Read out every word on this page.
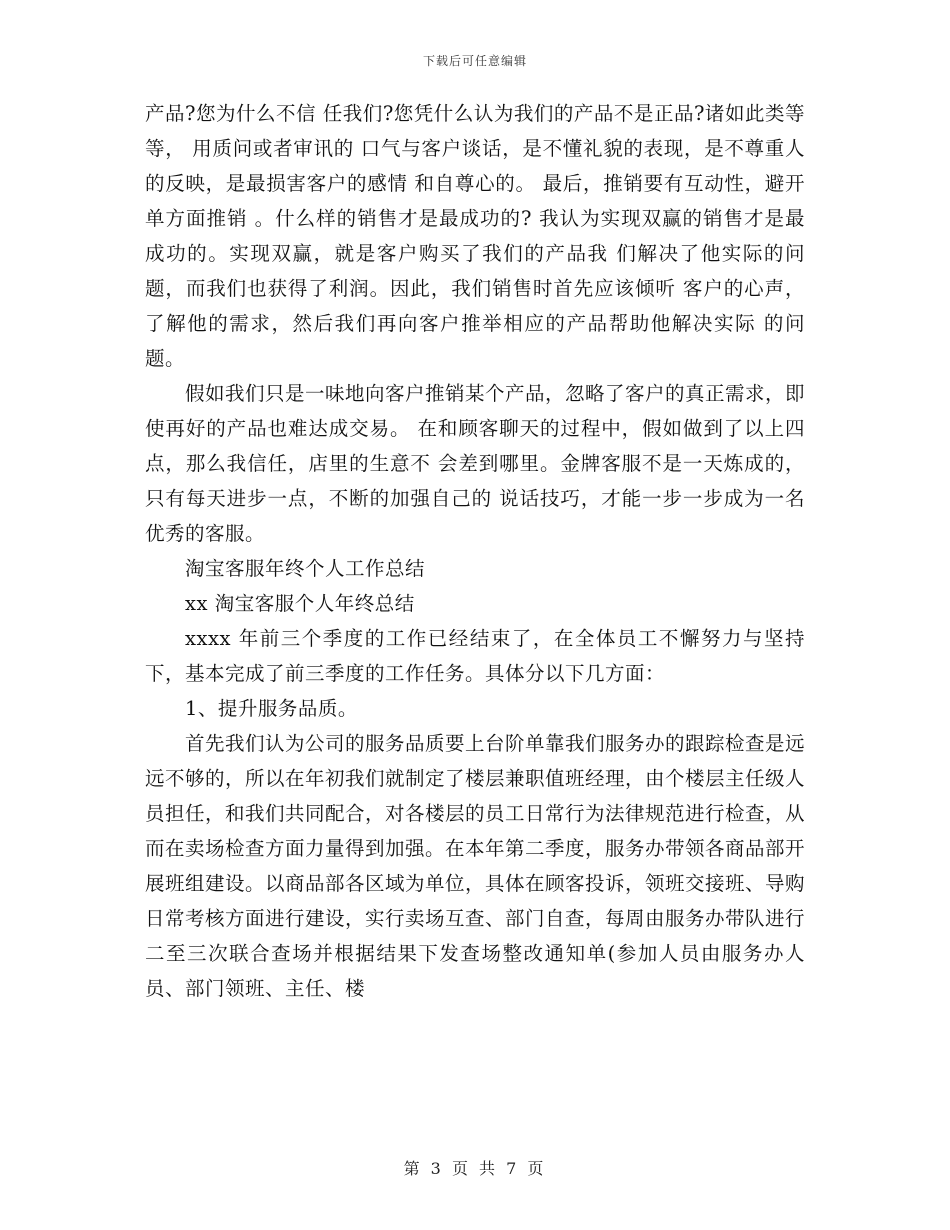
下载后可任意编辑

产品?您为什么不信 任我们?您凭什么认为我们的产品不是正品?诸如此类等等， 用质问或者审讯的 口气与客户谈话，是不懂礼貌的表现，是不尊重人的反映，是最损害客户的感情 和自尊心的。 最后，推销要有互动性，避开单方面推销 。什么样的销售才是最成功的? 我认为实现双赢的销售才是最成功的。实现双赢，就是客户购买了我们的产品我 们解决了他实际的问题，而我们也获得了利润。因此，我们销售时首先应该倾听 客户的心声，了解他的需求，然后我们再向客户推举相应的产品帮助他解决实际 的问题。

假如我们只是一味地向客户推销某个产品，忽略了客户的真正需求，即 使再好的产品也难达成交易。 在和顾客聊天的过程中，假如做到了以上四点，那么我信任，店里的生意不 会差到哪里。金牌客服不是一天炼成的，只有每天进步一点，不断的加强自己的 说话技巧，才能一步一步成为一名优秀的客服。

淘宝客服年终个人工作总结

xx 淘宝客服个人年终总结

xxxx 年前三个季度的工作已经结束了，在全体员工不懈努力与坚持下，基本完成了前三季度的工作任务。具体分以下几方面：

1、提升服务品质。

首先我们认为公司的服务品质要上台阶单靠我们服务办的跟踪检查是远远不够的，所以在年初我们就制定了楼层兼职值班经理，由个楼层主任级人员担任，和我们共同配合，对各楼层的员工日常行为法律规范进行检查，从而在卖场检查方面力量得到加强。在本年第二季度，服务办带领各商品部开展班组建设。以商品部各区域为单位，具体在顾客投诉，领班交接班、导购日常考核方面进行建设，实行卖场互查、部门自查，每周由服务办带队进行二至三次联合查场并根据结果下发查场整改通知单(参加人员由服务办人员、部门领班、主任、楼

第 3 页 共 7 页
